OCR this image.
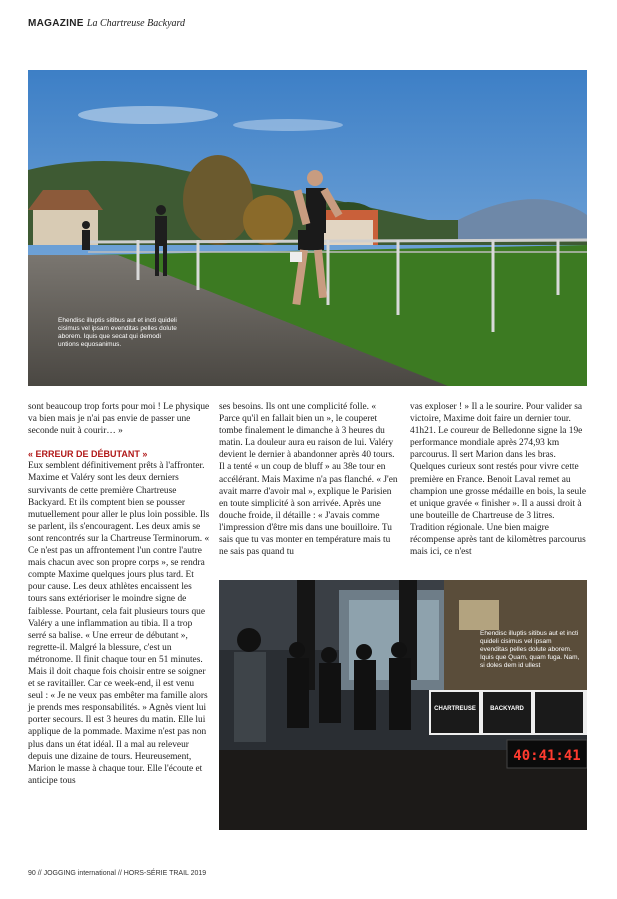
MAGAZINE La Chartreuse Backyard
Ehendisc illuptis sitibus aut et incti quideli cisimus vel ipsam evenditas pelles dolute aborem. Iquis que secat qui demodi untions equosanimus.

sont beaucoup trop forts pour moi ! Le physique va bien mais je n'ai pas envie de passer une seconde nuit à courir… »

« ERREUR DE DÉBUTANT »

Eux semblent définitivement prêts à l'affronter. Maxime et Valéry sont les deux derniers survivants de cette première Chartreuse Backyard. Et ils comptent bien se pousser mutuellement pour aller le plus loin possible. Ils se parlent, ils s'encouragent. Les deux amis se sont rencontrés sur la Chartreuse Terminorum. « Ce n'est pas un affrontement l'un contre l'autre mais chacun avec son propre corps », se rendra compte Maxime quelques jours plus tard. Et pour cause. Les deux athlètes encaissent les tours sans extérioriser le moindre signe de faiblesse. Pourtant, cela fait plusieurs tours que Valéry a une inflammation au tibia. Il a trop serré sa balise. « Une erreur de débutant », regrette-il. Malgré la blessure, c'est un métronome. Il finit chaque tour en 51 minutes. Mais il doit chaque fois choisir entre se soigner et se ravitailler. Car ce week-end, il est venu seul : « Je ne veux pas embêter ma famille alors je prends mes responsabilités. » Agnès vient lui porter secours. Il est 3 heures du matin. Elle lui applique de la pommade. Maxime n'est pas non plus dans un état idéal. Il a mal au releveur depuis une dizaine de tours. Heureusement, Marion le masse à chaque tour. Elle l'écoute et anticipe tous

ses besoins. Ils ont une complicité folle. « Parce qu'il en fallait bien un », le couperet tombe finalement le dimanche à 3 heures du matin. La douleur aura eu raison de lui. Valéry devient le dernier à abandonner après 40 tours. Il a tenté « un coup de bluff » au 38e tour en accélérant. Mais Maxime n'a pas flanché. « J'en avait marre d'avoir mal », explique le Parisien en toute simplicité à son arrivée. Après une douche froide, il détaille : « J'avais comme l'impression d'être mis dans une bouilloire. Tu sais que tu vas monter en température mais tu ne sais pas quand tu

vas exploser ! » Il a le sourire. Pour valider sa victoire, Maxime doit faire un dernier tour. 41h21. Le coureur de Belledonne signe la 19e performance mondiale après 274,93 km parcourus. Il sert Marion dans les bras. Quelques curieux sont restés pour vivre cette première en France. Benoit Laval remet au champion une grosse médaille en bois, la seule et unique gravée « finisher ». Il a aussi droit à une bouteille de Chartreuse de 3 litres. Tradition régionale. Une bien maigre récompense après tant de kilomètres parcourus mais ici, ce n'est

CHARTREUSE BACKYARD
40:41:41
Ehendisc illuptis sitibus aut et incti quideli cisimus vel ipsam evenditas pelles dolute aborem. Iquis que Quam, quam fuga. Nam, si doles dem id ullest
90 // JOGGING international // HORS-SÉRIE TRAIL 2019
